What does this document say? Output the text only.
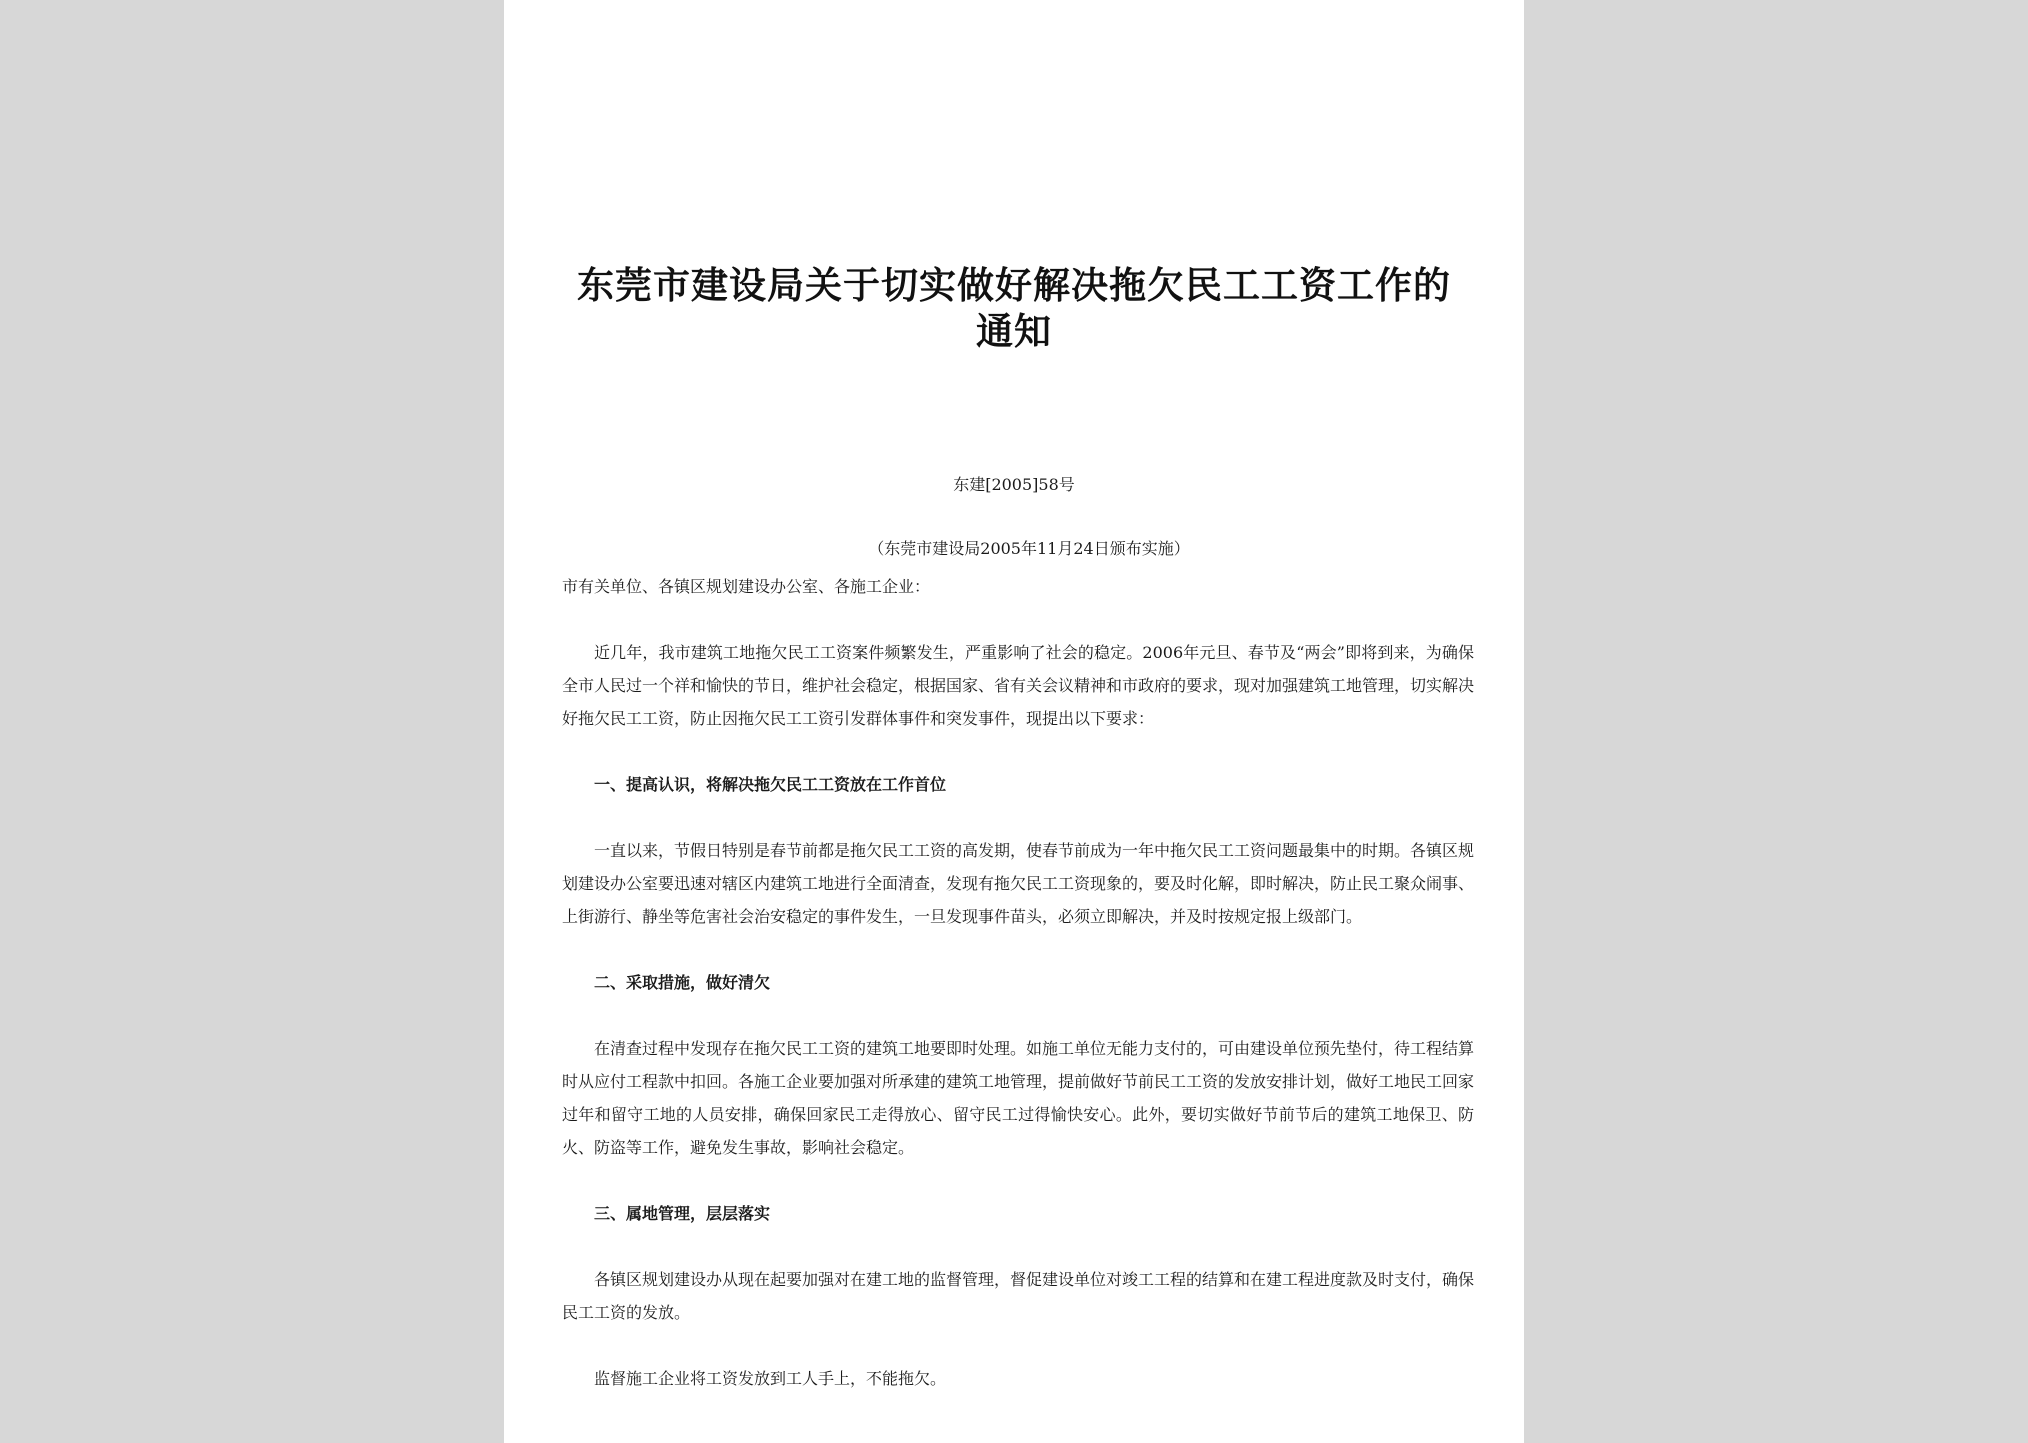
东莞市建设局关于切实做好解决拖欠民工工资工作的通知
东建[2005]58号
（东莞市建设局2005年11月24日颁布实施）

市有关单位、各镇区规划建设办公室、各施工企业：

近几年，我市建筑工地拖欠民工工资案件频繁发生，严重影响了社会的稳定。2006年元旦、春节及“两会”即将到来，为确保全市人民过一个祥和愉快的节日，维护社会稳定，根据国家、省有关会议精神和市政府的要求，现对加强建筑工地管理，切实解决好拖欠民工工资，防止因拖欠民工工资引发群体事件和突发事件，现提出以下要求：

一、提高认识，将解决拖欠民工工资放在工作首位

一直以来，节假日特别是春节前都是拖欠民工工资的高发期，使春节前成为一年中拖欠民工工资问题最集中的时期。各镇区规划建设办公室要迅速对辖区内建筑工地进行全面清查，发现有拖欠民工工资现象的，要及时化解，即时解决，防止民工聚众闹事、上街游行、静坐等危害社会治安稳定的事件发生，一旦发现事件苗头，必须立即解决，并及时按规定报上级部门。

二、采取措施，做好清欠

在清查过程中发现存在拖欠民工工资的建筑工地要即时处理。如施工单位无能力支付的，可由建设单位预先垫付，待工程结算时从应付工程款中扣回。各施工企业要加强对所承建的建筑工地管理，提前做好节前民工工资的发放安排计划，做好工地民工回家过年和留守工地的人员安排，确保回家民工走得放心、留守民工过得愉快安心。此外，要切实做好节前节后的建筑工地保卫、防火、防盗等工作，避免发生事故，影响社会稳定。

三、属地管理，层层落实

各镇区规划建设办从现在起要加强对在建工地的监督管理，督促建设单位对竣工工程的结算和在建工程进度款及时支付，确保民工工资的发放。

监督施工企业将工资发放到工人手上，不能拖欠。
